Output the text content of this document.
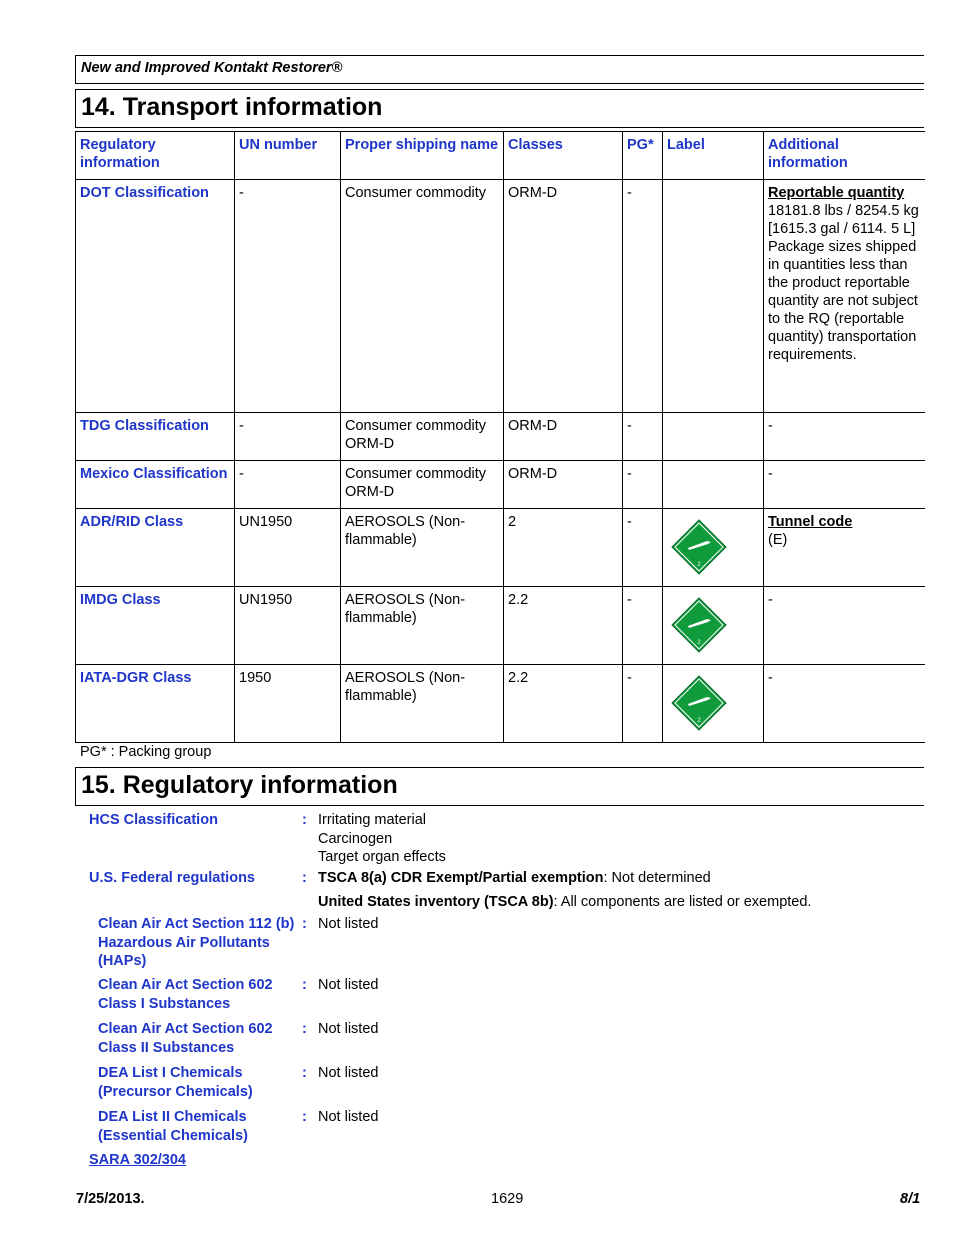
New and Improved Kontakt Restorer®
14. Transport information
Regulatory information	UN number	Proper shipping name	Classes	PG*	Label	Additional information
DOT Classification	-	Consumer commodity	ORM-D	-		Reportable quantity
18181.8 lbs / 8254.5 kg [1615.3 gal / 6114. 5 L]
Package sizes shipped in quantities less than the product reportable quantity are not subject to the RQ (reportable quantity) transportation requirements.

TDG Classification	-	Consumer commodity ORM-D	ORM-D	-		-
Mexico Classification	-	Consumer commodity ORM-D	ORM-D	-		-
ADR/RID Class	UN1950	AEROSOLS (Non-flammable)	2	-	2	Tunnel code
(E)

IMDG Class	UN1950	AEROSOLS (Non-flammable)	2.2	-	2	-
IATA-DGR Class	1950	AEROSOLS (Non-flammable)	2.2	-	2	-
PG* : Packing group
15. Regulatory information
HCS Classification	: Irritating material
Carcinogen
Target organ effects
U.S. Federal regulations	: TSCA 8(a) CDR Exempt/Partial exemption: Not determined
United States inventory (TSCA 8b): All components are listed or exempted.
Clean Air Act Section 112 (b) Hazardous Air Pollutants (HAPs)
: Not listed
Clean Air Act Section 602 Class I Substances
: Not listed
Clean Air Act Section 602 Class II Substances
: Not listed
DEA List I Chemicals (Precursor Chemicals)
: Not listed
DEA List II Chemicals (Essential Chemicals)
: Not listed
SARA 302/304
7/25/2013.	1629	8/1
